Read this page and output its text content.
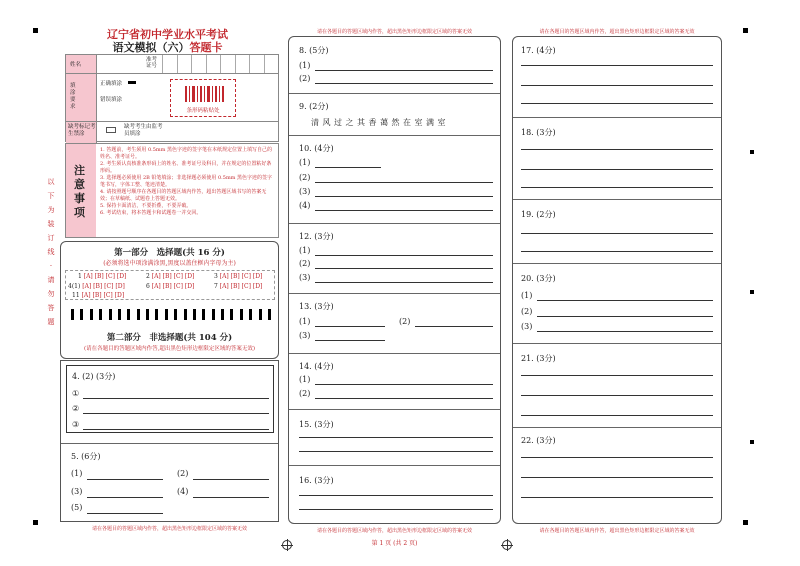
以 下 为 装 订 线 · 请 勿 答 题
辽宁省初中学业水平考试
语文模拟（六）答题卡
姓名
准考证号
填涂要求
正确填涂
错误填涂
条形码粘贴处
缺考标记考生禁涂
缺考考生由监考员填涂
注意事项
1. 答题前，考生须用 0.5mm 黑色字迹的签字笔在本纸规定位置上填写自己的姓名、准考证号。
2. 考生须认真核准条形码上的姓名、准考证号及科目，并在规定的位置粘好条形码。
3. 选择题必须使用 2B 铅笔填涂；非选择题必须使用 0.5mm 黑色字迹的签字笔书写，字体工整、笔迹清楚。
4. 请按照题号顺序在各题目的答题区域内作答，超出答题区域书写的答案无效；在草稿纸、试题卷上答题无效。
5. 保持卡面清洁，不要折叠，不要弄破。
6. 考试结束，将本答题卡和试题卷一并交回。
第一部分　选择题(共 16 分)
(必须将选中项涂满涂黑,黑度以盖住框内字母为主)
1 [A] [B] [C] [D]	2 [A] [B] [C] [D]	3 [A] [B] [C] [D]
4(1) [A] [B] [C] [D]	6 [A] [B] [C] [D]	7 [A] [B] [C] [D]
11 [A] [B] [C] [D]
第二部分　非选择题(共 104 分)
(请在各题目的答题区域内作答,超出黑色矩形边框限定区域的答案无效)
4. (2) (3分)
①
②
③
5. (6分)
(1)	(2)
(3)	(4)
(5)
请在各题目的答题区域内作答，超出黑色矩形边框限定区域的答案无效
请在各题目的答题区域内作答，超出黑色矩形边框限定区域的答案无效
8. (5分)
(1)
(2)
9. (2分)
清风过之其香蔼然在室满室
10. (4分)
(1)
(2)
(3)
(4)
12. (3分)
(1)
(2)
(3)
13. (3分)
(1)	(2)
(3)
14. (4分)
(1)
(2)
15. (3分)
16. (3分)
请在各题目的答题区域内作答，超出黑色矩形边框限定区域的答案无效
第 1 页 (共 2 页)
请在各题目的答题区域内作答，超出黑色矩形边框限定区域的答案无效
17. (4分)
18. (3分)
19. (2分)
20. (3分)
(1)
(2)
(3)
21. (3分)
22. (3分)
请在各题目的答题区域内作答，超出黑色矩形边框限定区域的答案无效
